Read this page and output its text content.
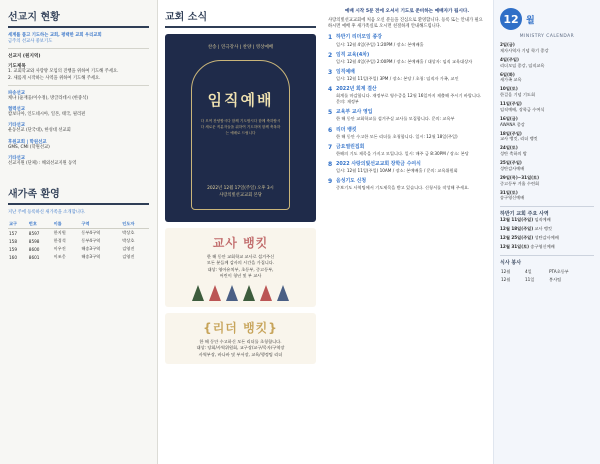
선교지 현황
세계를 품고 기도하는 교회, 평택한 교회 우리교회
금주의 선교사 중보기도
선교지 (원지역)
기도제목
1. 교회학교와 사랑방 모임의 진행을 위하여 기도해 주세요.
2. 새롭게 시작하는 사역을 위하여 기도해 주세요.
파송선교
케냐 (윤재웅/이수정), 방글라데시 (한중석)
협력선교
캄보디아, 인도네시아, 일본, 태국, 필리핀
기타선교
운동선교 (단국대), 한성대 선교회
후원교회 | 학원선교
GMS, CMI (학원선교)
기타선교
선교지원 (단체) : 해외선교지원 동역
새가족 환영
지난 주에 등록하신 새가족을 소개합니다.
교구	번호	이름	구역	인도자
157	8597	한지원	동부4구역	박상호
158	8598	한경석	동부4구역	박상호
159	8600	이우진	해송3구역	김영진
160	8601	이조웅	해송3구역	김영진
교회 소식
찬송 | 연극강사 | 찬양 | 영상예배
임직예배
다 모여 찬양합시다 함께 기도합시다 함께 축하합시다 새로운 직분자들을 위하여 기도하며 함께 축복하는 예배로 드립니다
2022년 12월 17일(주일) 오후 3시
사랑의빛선교교회 본당
교사 뱅킷

한 해 동안 교회학교 교사로 섬겨주신
모든 분들께 감사의 시간을 가집니다.
대상: 영아유치부, 초등부, 중고등부,
어린이 청년 및 부 교사

{리더 뱅킷}

한 해 동안 수고하신 모든 리더를 초청합니다.
대상: 당회/사역위원회, 교구장/교구/목자/구역장
사역부장, 바나바 및 부서장, 교육/행정팀 리더

예배 시작 5분 전에 오셔서 기도로 준비하는 예배자가 됩시다.
사랑의빛선교교회에 처음 오신 분들을 진심으로 환영합니다. 등록 또는 안내가 필요하시면 예배 후 새가족실로 오시면 친절하게 안내해드립니다.
1 하반기 리더모임 종강
일시: 12월 4일(주일) 1:20PM / 장소: 본예배홀
2 임직 교육(4차)
일시: 12월 4일(주일) 2:00PM / 장소: 본예배홀 / 대상자: 임직 교육대상자
3 임직예배
일시: 12월 11일(주일) 3PM / 장소: 본당 / 초청: 임직자 가족, 교인
4 2022년 회계 결산
회계를 마감합니다. 재정부로 영수증을 12월 16일까지 제출해 주시기 바랍니다. 문의: 재정부
5 교육부 교사 영입
한 해 동안 교회학교를 섬겨주실 교사를 모집합니다. 문의: 교육부
6 리더 뱅킷
한 해 동안 수고한 모든 리더를 초청합니다. 일시: 12월 18일(주일)
7 금요열린집회
한해의 기도 제목을 가지고 모입니다. 일시: 매주 금 8:30PM / 장소: 본당
8 2022 사랑의빛선교교회 장학금 수여식
일시: 12월 11일(주일) 10AM / 장소: 본예배홀 / 문의: 교육위원회
9 음성기도 신청
중보기도 사역팀에서 기도제목을 받고 있습니다. 신청서를 작성해 주세요.
12 월
MINISTRY CALENDAR
2일(금)
제자사역자 기념 학기 종강
4일(주일)
리더모임 종강, 임직교육
6일(화)
새가족 교육
10일(토)
한걸음 기념 기도회
11일(주일)
임직예배, 장학금 수여식
16일(금)
AWANA 종강
18일(주일)
교사 뱅킷, 리더 뱅킷
24일(토)
성탄 축하의 밤
25일(주일)
성탄감사예배
29일(목)~31일(토)
중고등부 겨울 수련회
31일(토)
송구영신예배
하반기 교회 주요 사역
12월 11일(주일) 임직예배
12월 18일(주일) 교사 뱅킷
12월 25일(주일) 성탄감사예배
12월 31일(토) 송구영신예배
식사 봉사
12월	4일	PTA초등부
12월	11일	봉사팀
